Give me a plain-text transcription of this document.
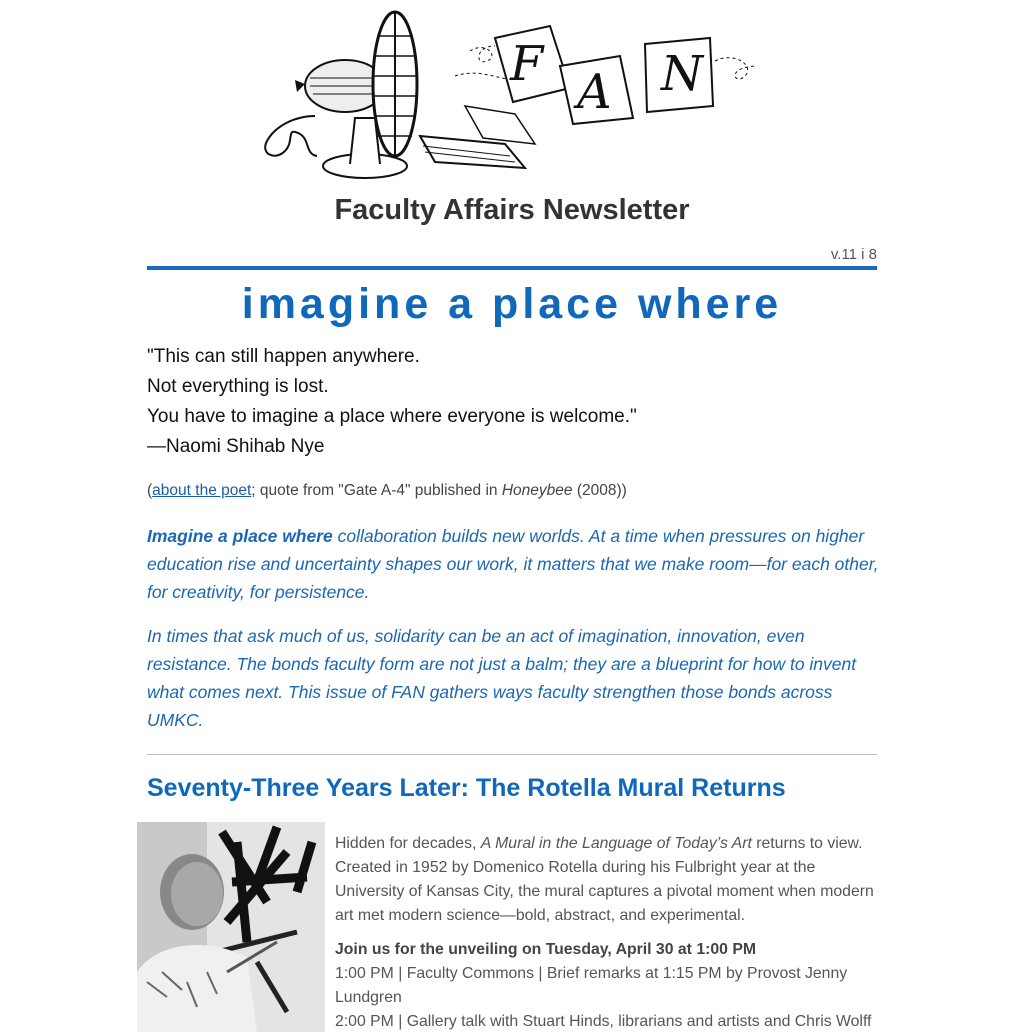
F A N
Faculty Affairs Newsletter
v.11 i 8
imagine a place where
"This can still happen anywhere.
Not everything is lost.
You have to imagine a place where everyone is welcome."
—Naomi Shihab Nye
(about the poet; quote from "Gate A-4" published in Honeybee (2008))
Imagine a place where collaboration builds new worlds. At a time when pressures on higher education rise and uncertainty shapes our work, it matters that we make room—for each other, for creativity, for persistence.
In times that ask much of us, solidarity can be an act of imagination, innovation, even resistance. The bonds faculty form are not just a balm; they are a blueprint for how to invent what comes next. This issue of FAN gathers ways faculty strengthen those bonds across UMKC.
Seventy-Three Years Later: The Rotella Mural Returns

Hidden for decades, A Mural in the Language of Today’s Art returns to view. Created in 1952 by Domenico Rotella during his Fulbright year at the University of Kansas City, the mural captures a pivotal moment when modern art met modern science—bold, abstract, and experimental.

Join us for the unveiling on Tuesday, April 30 at 1:00 PM
1:00 PM | Faculty Commons | Brief remarks at 1:15 PM by Provost Jenny Lundgren
2:00 PM | Gallery talk with Stuart Hinds, librarians and artists and Chris Wolff
